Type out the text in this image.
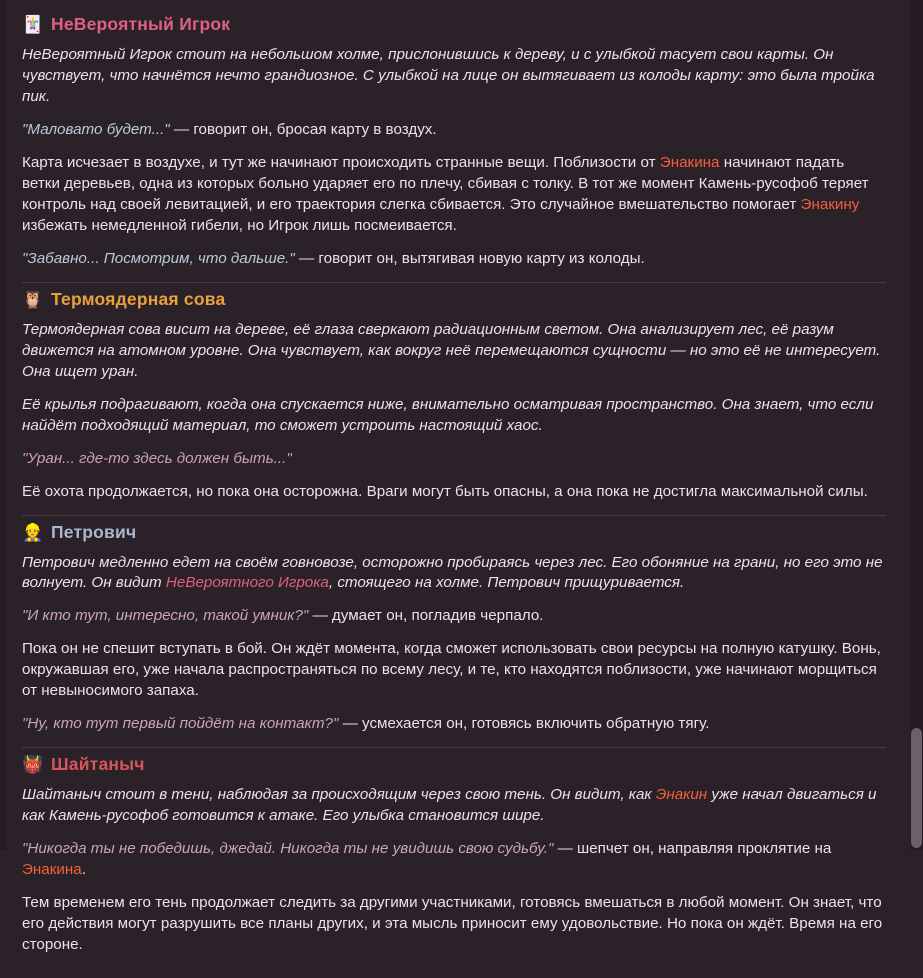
🃏 НеВероятный Игрок

НеВероятный Игрок стоит на небольшом холме, прислонившись к дереву, и с улыбкой тасует свои карты. Он чувствует, что начнётся нечто грандиозное. С улыбкой на лице он вытягивает из колоды карту: это была тройка пик.

"Маловато будет..." — говорит он, бросая карту в воздух.

Карта исчезает в воздухе, и тут же начинают происходить странные вещи. Поблизости от Энакина начинают падать ветки деревьев, одна из которых больно ударяет его по плечу, сбивая с толку. В тот же момент Камень-русофоб теряет контроль над своей левитацией, и его траектория слегка сбивается. Это случайное вмешательство помогает Энакину избежать немедленной гибели, но Игрок лишь посмеивается.

"Забавно... Посмотрим, что дальше." — говорит он, вытягивая новую карту из колоды.

🦉 Термоядерная сова

Термоядерная сова висит на дереве, её глаза сверкают радиационным светом. Она анализирует лес, её разум движется на атомном уровне. Она чувствует, как вокруг неё перемещаются сущности — но это её не интересует. Она ищет уран.

Её крылья подрагивают, когда она спускается ниже, внимательно осматривая пространство. Она знает, что если найдёт подходящий материал, то сможет устроить настоящий хаос.

"Уран... где-то здесь должен быть..."

Её охота продолжается, но пока она осторожна. Враги могут быть опасны, а она пока не достигла максимальной силы.

👷 Петрович

Петрович медленно едет на своём говновозе, осторожно пробираясь через лес. Его обоняние на грани, но его это не волнует. Он видит НеВероятного Игрока, стоящего на холме. Петрович прищуривается.

"И кто тут, интересно, такой умник?" — думает он, погладив черпало.

Пока он не спешит вступать в бой. Он ждёт момента, когда сможет использовать свои ресурсы на полную катушку. Вонь, окружавшая его, уже начала распространяться по всему лесу, и те, кто находятся поблизости, уже начинают морщиться от невыносимого запаха.

"Ну, кто тут первый пойдёт на контакт?" — усмехается он, готовясь включить обратную тягу.

👹 Шайтаныч

Шайтаныч стоит в тени, наблюдая за происходящим через свою тень. Он видит, как Энакин уже начал двигаться и как Камень-русофоб готовится к атаке. Его улыбка становится шире.

"Никогда ты не победишь, джедай. Никогда ты не увидишь свою судьбу." — шепчет он, направляя проклятие на Энакина.

Тем временем его тень продолжает следить за другими участниками, готовясь вмешаться в любой момент. Он знает, что его действия могут разрушить все планы других, и эта мысль приносит ему удовольствие. Но пока он ждёт. Время на его стороне.
